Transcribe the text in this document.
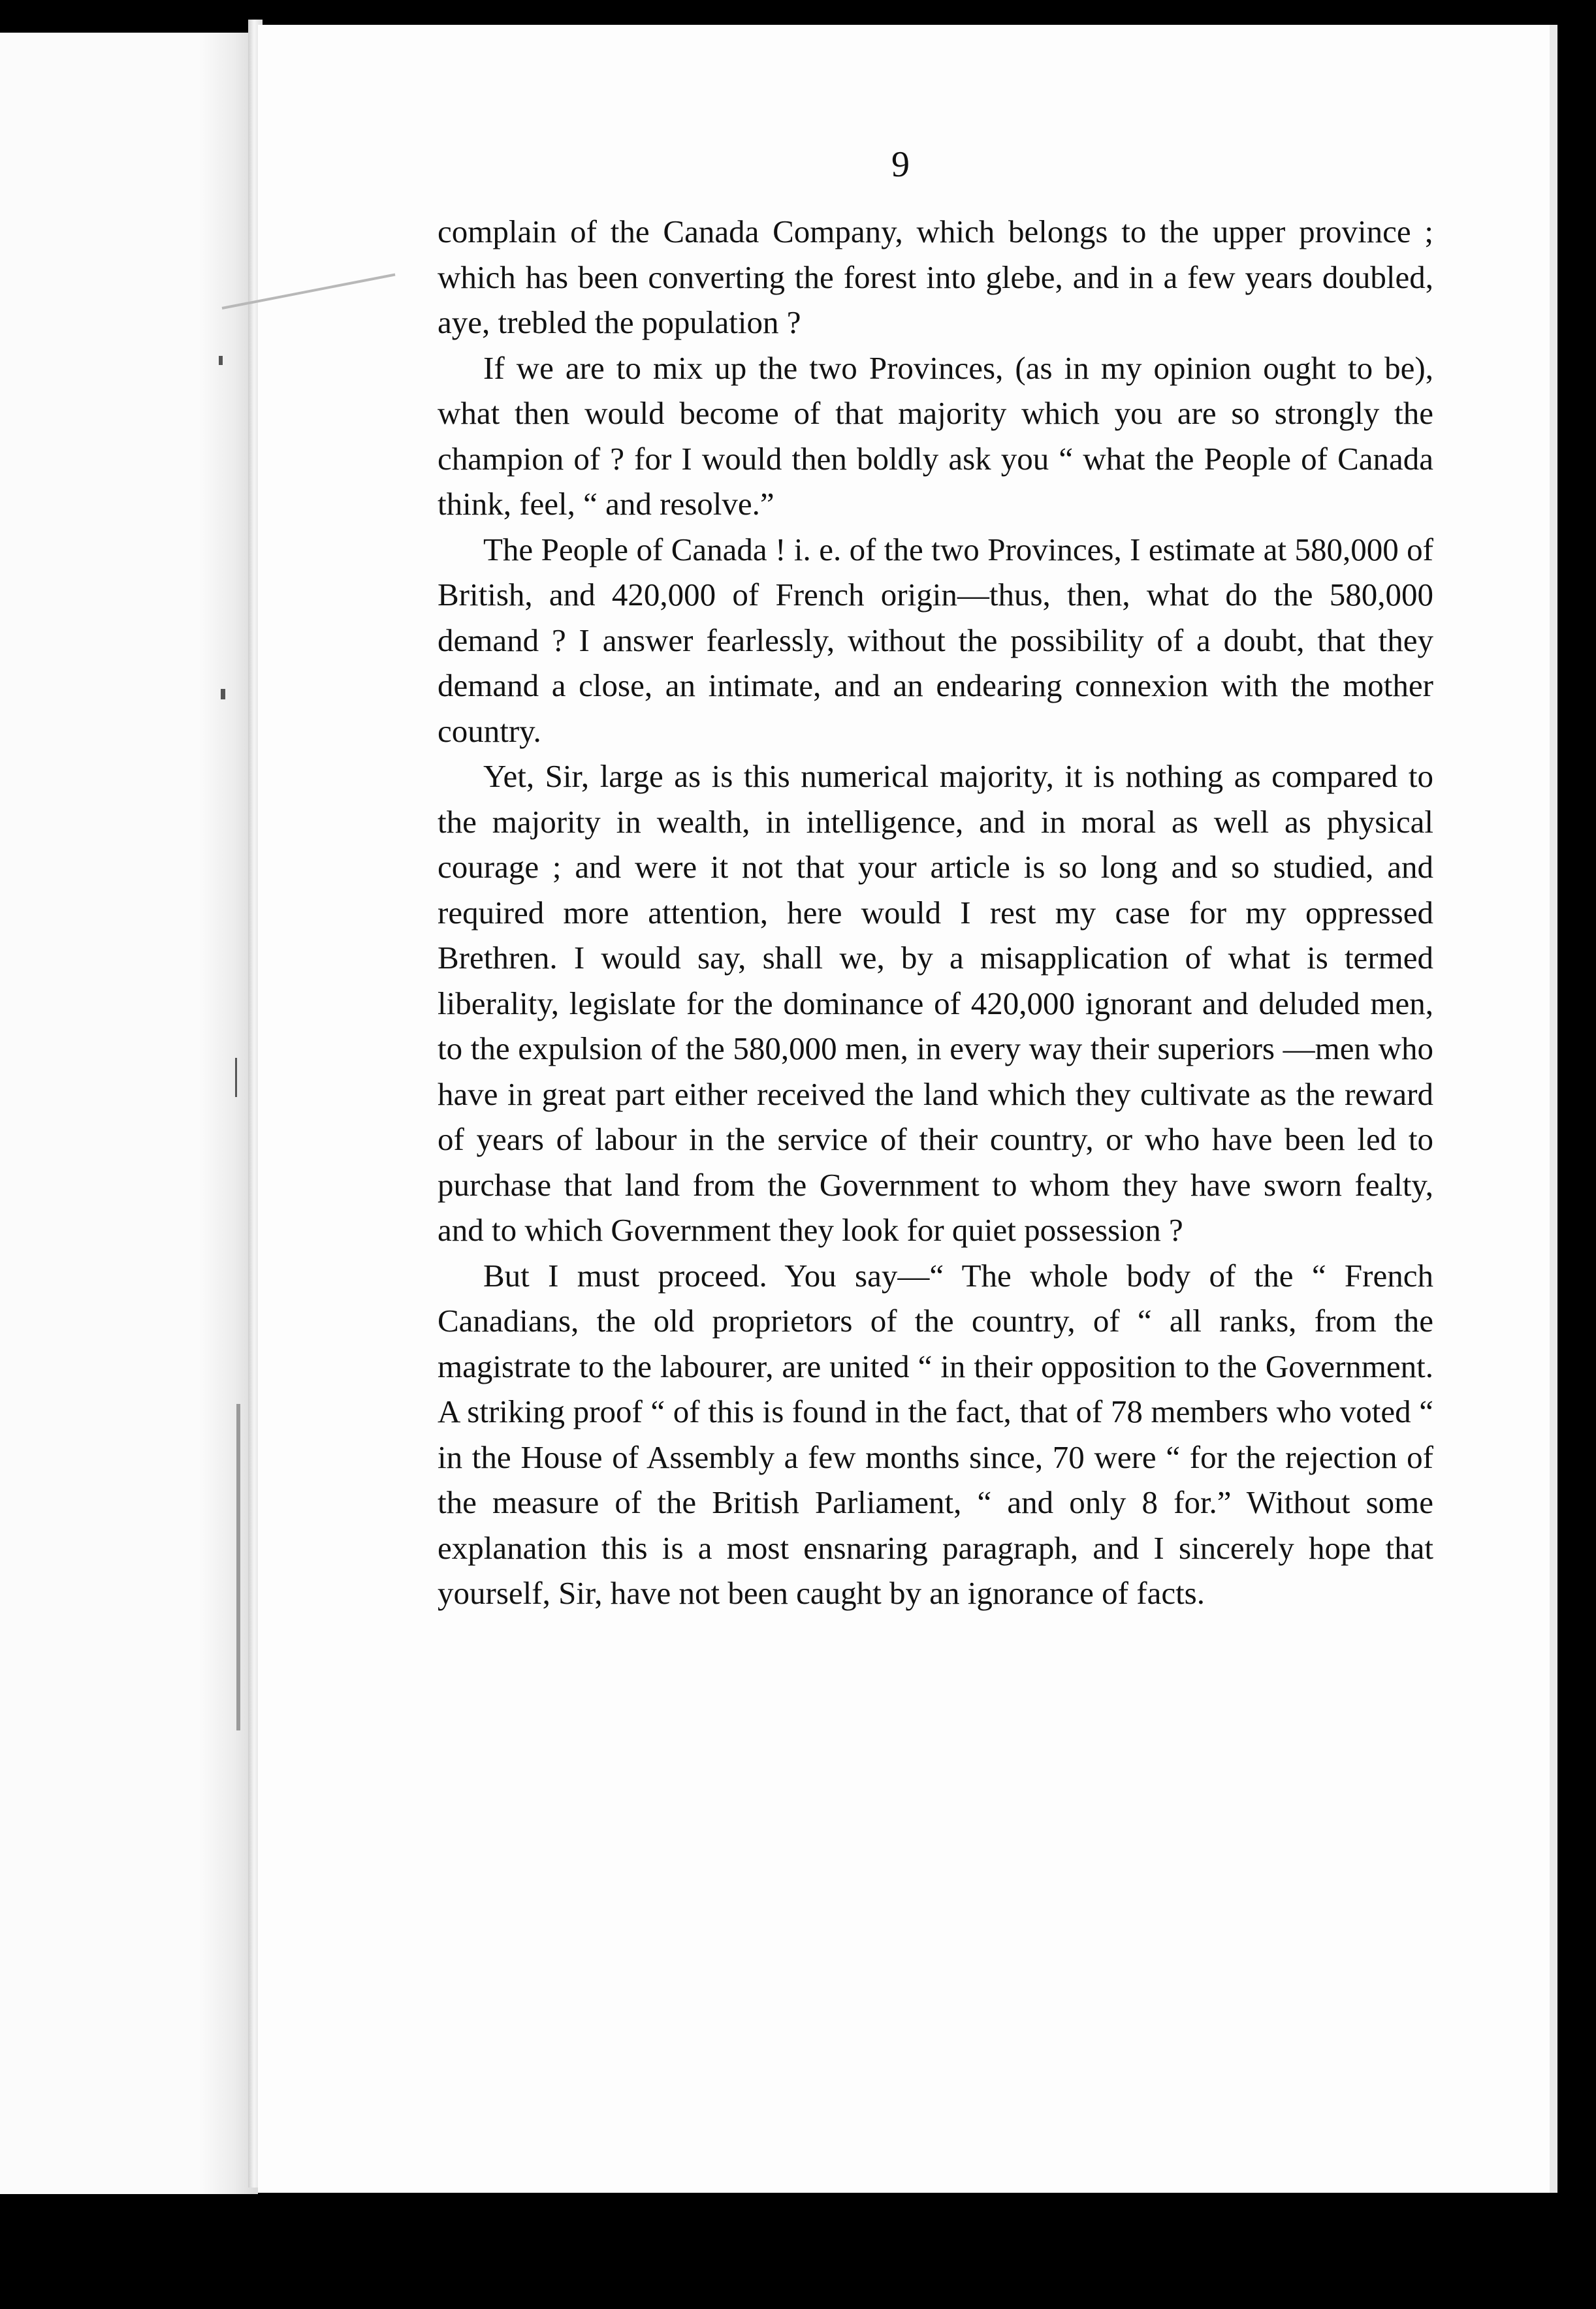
9

complain of the Canada Company, which belongs to the upper province ; which has been converting the forest into glebe, and in a few years doubled, aye, trebled the population ?

If we are to mix up the two Provinces, (as in my opinion ought to be), what then would become of that majority which you are so strongly the champion of ? for I would then boldly ask you “ what the People of Canada think, feel, “ and resolve.”

The People of Canada ! i. e. of the two Provinces, I estimate at 580,000 of British, and 420,000 of French origin—thus, then, what do the 580,000 demand ? I answer fearlessly, without the possibility of a doubt, that they demand a close, an intimate, and an endearing connexion with the mother country.

Yet, Sir, large as is this numerical majority, it is nothing as compared to the majority in wealth, in intelligence, and in moral as well as physical courage ; and were it not that your article is so long and so studied, and required more attention, here would I rest my case for my oppressed Brethren. I would say, shall we, by a misapplication of what is termed liberality, legislate for the dominance of 420,000 ignorant and deluded men, to the expulsion of the 580,000 men, in every way their superiors —men who have in great part either received the land which they cultivate as the reward of years of labour in the service of their country, or who have been led to purchase that land from the Government to whom they have sworn fealty, and to which Government they look for quiet possession ?

But I must proceed. You say—“ The whole body of the “ French Canadians, the old proprietors of the country, of “ all ranks, from the magistrate to the labourer, are united “ in their opposition to the Government. A striking proof “ of this is found in the fact, that of 78 members who voted “ in the House of Assembly a few months since, 70 were “ for the rejection of the measure of the British Parliament, “ and only 8 for.” Without some explanation this is a most ensnaring paragraph, and I sincerely hope that yourself, Sir, have not been caught by an ignorance of facts.
